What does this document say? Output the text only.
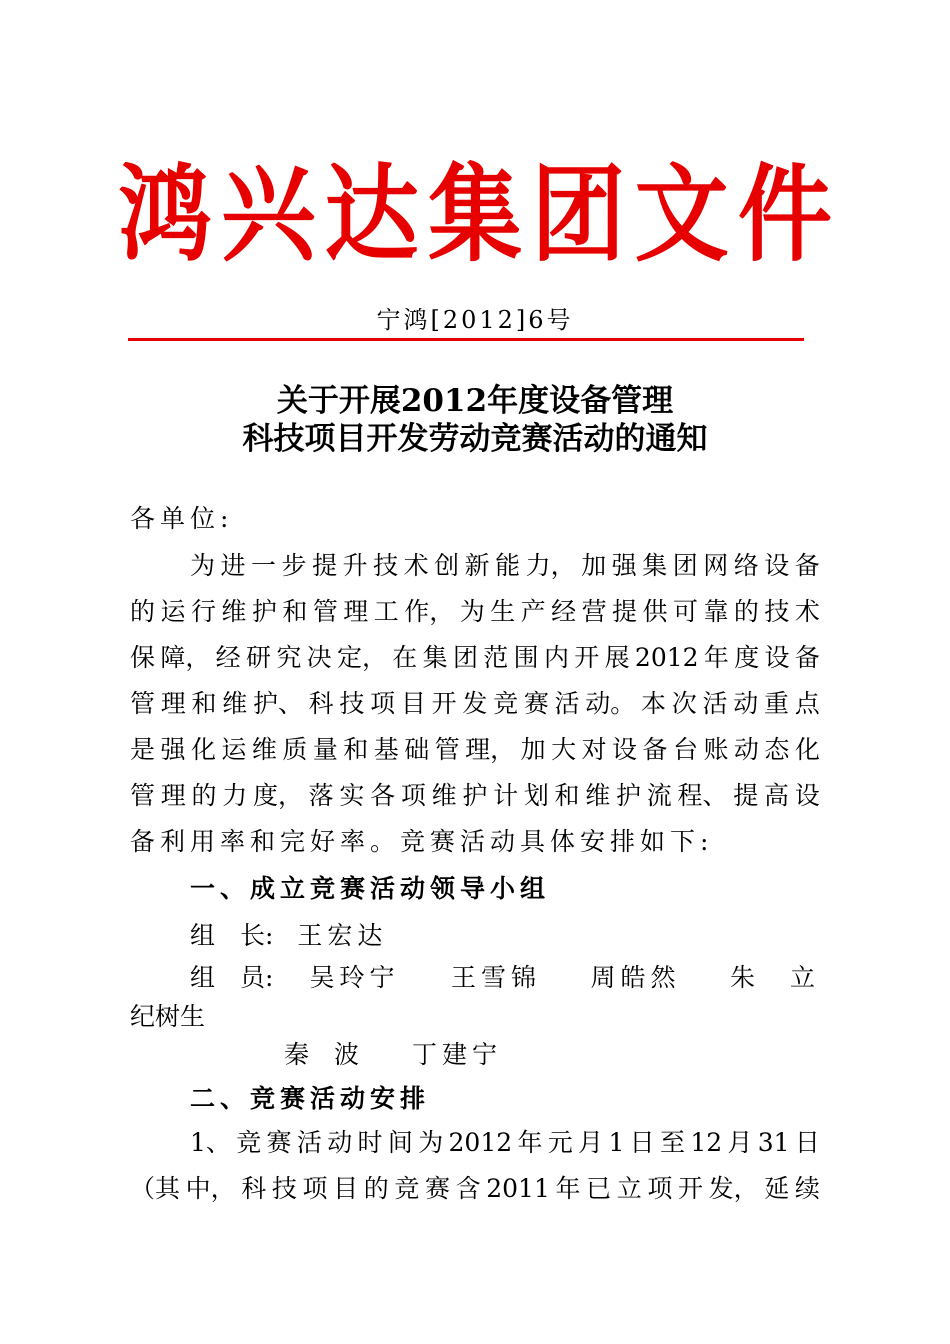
鸿 兴 达 集 团 文 件
宁鸿[2012]6号
关于开展2012年度设备管理
科技项目开发劳动竞赛活动的通知
各单位:
为 进 一 步 提 升 技 术 创 新 能 力， 加 强 集 团 网 络 设 备
的 运 行 维 护 和 管 理 工 作， 为 生 产 经 营 提 供 可 靠 的 技 术
保 障， 经 研 究 决 定， 在 集 团 范 围 内 开 展 2012 年 度 设 备
管 理 和 维 护、 科 技 项 目 开 发 竞 赛 活 动。 本 次 活 动 重 点
是 强 化 运 维 质 量 和 基 础 管 理， 加 大 对 设 备 台 账 动 态 化
管 理 的 力 度， 落 实 各 项 维 护 计 划 和 维 护 流 程、 提 高 设
备利用率和完好率。竞赛活动具体安排如下:
一、成立竞赛活动领导小组
组　长: 王宏达
组　员:	吴玲宁	王雪锦	周皓然	朱　立
纪树生
秦　波	丁建宁
二、竞赛活动安排
1、 竞 赛 活 动 时 间 为 2012 年 元 月 1 日 至 12 月 31 日
（其 中， 科 技 项 目 的 竞 赛 含 2011 年 已 立 项 开 发， 延 续
